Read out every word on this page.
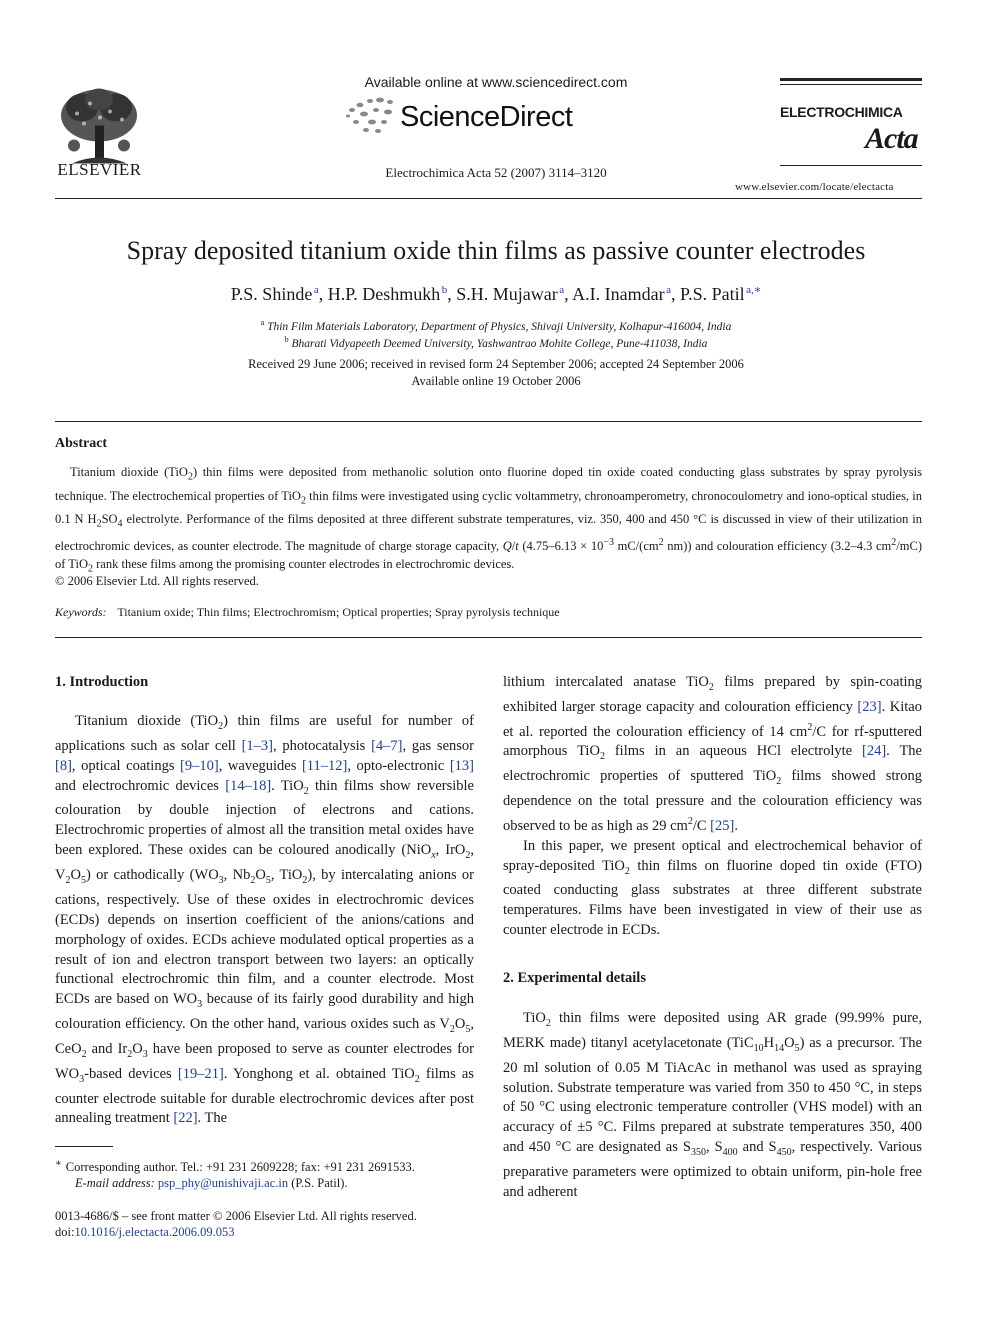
ELSEVIER
Available online at www.sciencedirect.com
ScienceDirect
Electrochimica Acta 52 (2007) 3114–3120
ELECTROCHIMICA
Acta
www.elsevier.com/locate/electacta
Spray deposited titanium oxide thin films as passive counter electrodes
P.S. Shinde  $^a$, H.P. Deshmukh  $^b$, S.H. Mujawar  $^a$, A.I. Inamdar  $^a$, P.S. Patil  $^{a,∗}$
$^a$ Thin Film Materials Laboratory, Department of Physics, Shivaji University, Kolhapur-416004, India
$^b$ Bharati Vidyapeeth Deemed University, Yashwantrao Mohite College, Pune-411038, India
Received 29 June 2006; received in revised form 24 September 2006; accepted 24 September 2006
Available online 19 October 2006
Abstract
Titanium dioxide (TiO$_2$) thin films were deposited from methanolic solution onto fluorine doped tin oxide coated conducting glass substrates by spray pyrolysis technique. The electrochemical properties of TiO$_2$ thin films were investigated using cyclic voltammetry, chronoamperometry, chronocoulometry and iono-optical studies, in 0.1 N $H_2SO_4$ electrolyte. Performance of the films deposited at three different substrate temperatures, viz. 350, 400 and 450 °C is discussed in view of their utilization in electrochromic devices, as counter electrode. The magnitude of charge storage capacity, Q/t ($4.75-6.13 \times 10^{-3}$ $mC/(cm^2$ nm)) and colouration efficiency (3.2–4.3 $cm^2/mC$) of TiO$_2$ rank these films among the promising counter electrodes in electrochromic devices.
© 2006 Elsevier Ltd. All rights reserved.
Keywords: Titanium oxide; Thin films; Electrochromism; Optical properties; Spray pyrolysis technique
1. Introduction

Titanium dioxide (TiO$_2$) thin films are useful for number of applications such as solar cell [1–3], photocatalysis [4–7], gas sensor [8], optical coatings [9–10], waveguides [11–12], opto-electronic [13] and electrochromic devices [14–18]. TiO$_2$ thin films show reversible colouration by double injection of electrons and cations. Electrochromic properties of almost all the transition metal oxides have been explored. These oxides can be coloured anodically (NiO$_x$, IrO$_2$, $V_2O_5$) or cathodically ($WO_3$, $Nb_2O_5$, TiO$_2$), by intercalating anions or cations, respectively. Use of these oxides in electrochromic devices (ECDs) depends on insertion coefficient of the anions/cations and morphology of oxides. ECDs achieve modulated optical properties as a result of ion and electron transport between two layers: an optically functional electrochromic thin film, and a counter electrode. Most ECDs are based on $WO_3$ because of its fairly good durability and high colouration efficiency. On the other hand, various oxides such as $V_2O_5$, CeO$_2$ and $Ir_2O_3$ have been proposed to serve as counter electrodes for $WO_3$-based devices [19–21]. Yonghong et al. obtained TiO$_2$ films as counter electrode suitable for durable electrochromic devices after post annealing treatment [22]. The

∗ Corresponding author. Tel.: +91 231 2609228; fax: +91 231 2691533.
E-mail address: psp_phy@unishivaji.ac.in (P.S. Patil).
0013-4686/$ – see front matter © 2006 Elsevier Ltd. All rights reserved.
doi:10.1016/j.electacta.2006.09.053

lithium intercalated anatase TiO$_2$ films prepared by spin-coating exhibited larger storage capacity and colouration efficiency [23]. Kitao et al. reported the colouration efficiency of 14 $cm^2/C$ for rf-sputtered amorphous TiO$_2$ films in an aqueous HCl electrolyte [24]. The electrochromic properties of sputtered TiO$_2$ films showed strong dependence on the total pressure and the colouration efficiency was observed to be as high as 29 $cm^2/C$ [25].

In this paper, we present optical and electrochemical behavior of spray-deposited TiO$_2$ thin films on fluorine doped tin oxide (FTO) coated conducting glass substrates at three different substrate temperatures. Films have been investigated in view of their use as counter electrode in ECDs.

2. Experimental details

TiO$_2$ thin films were deposited using AR grade (99.99% pure, MERK made) titanyl acetylacetonate $(TiC_{10}H_{14}O_5)$ as a precursor. The 20 ml solution of 0.05 M TiAcAc in methanol was used as spraying solution. Substrate temperature was varied from 350 to 450 °C, in steps of 50 °C using electronic temperature controller (VHS model) with an accuracy of ±5 °C. Films prepared at substrate temperatures 350, 400 and 450 °C are designated as $S_{350}$, $S_{400}$ and $S_{450}$, respectively. Various preparative parameters were optimized to obtain uniform, pin-hole free and adherent
